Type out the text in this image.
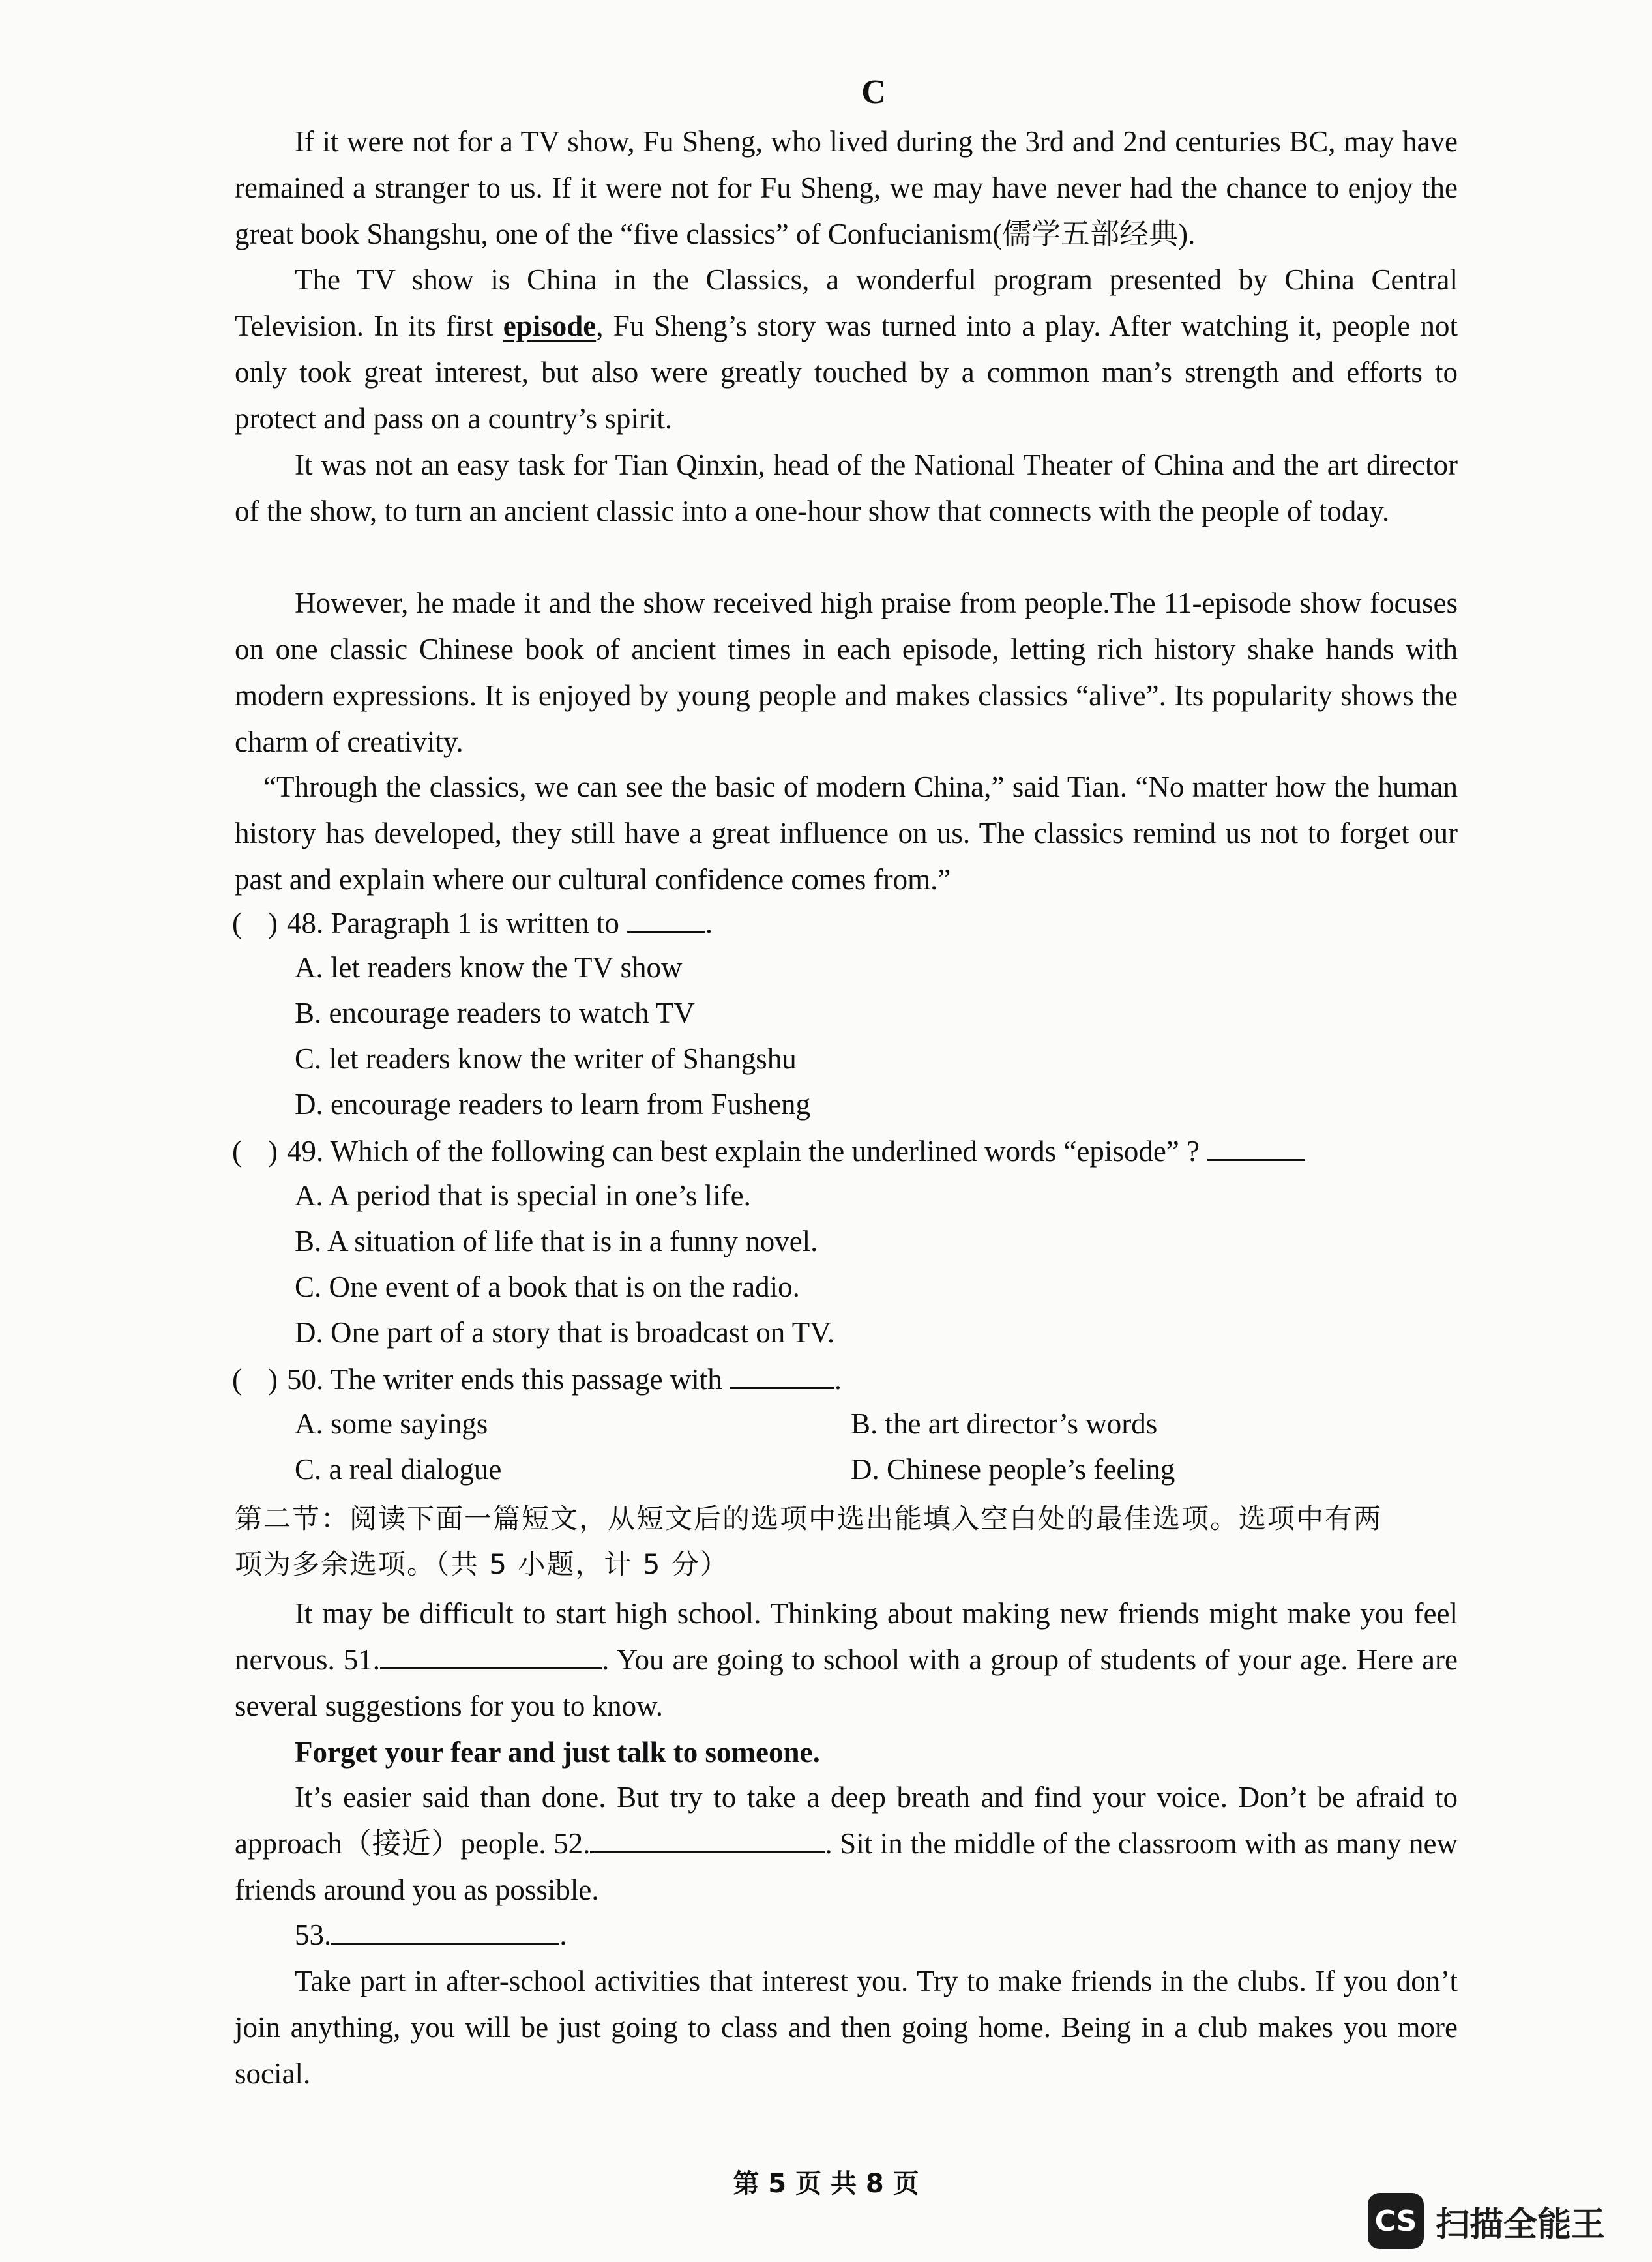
C
If it were not for a TV show, Fu Sheng, who lived during the 3rd and 2nd centuries BC, may have remained a stranger to us. If it were not for Fu Sheng, we may have never had the chance to enjoy the great book Shangshu, one of the “five classics” of Confucianism(儒学五部经典).
The TV show is China in the Classics, a wonderful program presented by China Central Television. In its first episode, Fu Sheng’s story was turned into a play. After watching it, people not only took great interest, but also were greatly touched by a common man’s strength and efforts to protect and pass on a country’s spirit.
It was not an easy task for Tian Qinxin, head of the National Theater of China and the art director of the show, to turn an ancient classic into a one-hour show that connects with the people of today.
However, he made it and the show received high praise from people.The 11-episode show focuses on one classic Chinese book of ancient times in each episode, letting rich history shake hands with modern expressions. It is enjoyed by young people and makes classics “alive”. Its popularity shows the charm of creativity.
“Through the classics, we can see the basic of modern China,” said Tian. “No matter how the human history has developed, they still have a great influence on us. The classics remind us not to forget our past and explain where our cultural confidence comes from.”
( ) 48. Paragraph 1 is written to	.
A. let readers know the TV show
B. encourage readers to watch TV
C. let readers know the writer of Shangshu
D. encourage readers to learn from Fusheng
( ) 49. Which of the following can best explain the underlined words “episode” ?
A. A period that is special in one’s life.
B. A situation of life that is in a funny novel.
C. One event of a book that is on the radio.
D. One part of a story that is broadcast on TV.
( ) 50. The writer ends this passage with	.
A. some sayings	B. the art director’s words
C. a real dialogue	D. Chinese people’s feeling
第二节：阅读下面一篇短文，从短文后的选项中选出能填入空白处的最佳选项。选项中有两
项为多余选项。（共 5 小题，计 5 分）
It may be difficult to start high school. Thinking about making new friends might make you feel nervous. 51.	. You are going to school with a group of students of your age. Here are several suggestions for you to know.
Forget your fear and just talk to someone.
It’s easier said than done. But try to take a deep breath and find your voice. Don’t be afraid to approach（接近）people. 52.	. Sit in the middle of the classroom with as many new friends around you as possible.
53.	.
Take part in after-school activities that interest you. Try to make friends in the clubs. If you don’t join anything, you will be just going to class and then going home. Being in a club makes you more social.
第 5 页 共 8 页
CS 扫描全能王
